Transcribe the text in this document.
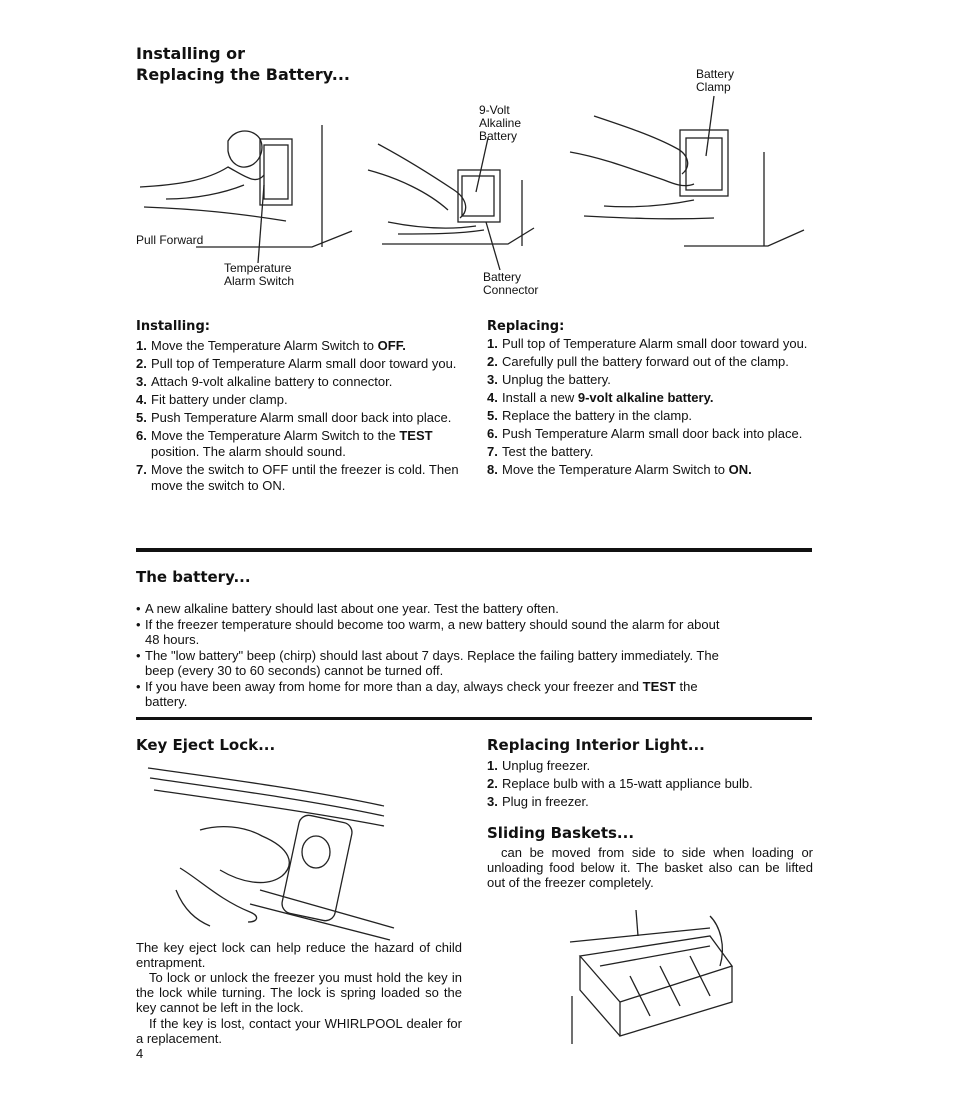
Installing or
Replacing the Battery...
Pull Forward
Temperature
Alarm Switch
9-Volt
Alkaline
Battery
Battery
Connector
Battery
Clamp
Installing:
1. Move the Temperature Alarm Switch to OFF.
2. Pull top of Temperature Alarm small door toward you.
3. Attach 9-volt alkaline battery to connector.
4. Fit battery under clamp.
5. Push Temperature Alarm small door back into place.
6. Move the Temperature Alarm Switch to the TEST position. The alarm should sound.
7. Move the switch to OFF until the freezer is cold. Then move the switch to ON.
Replacing:
1. Pull top of Temperature Alarm small door toward you.
2. Carefully pull the battery forward out of the clamp.
3. Unplug the battery.
4. Install a new 9-volt alkaline battery.
5. Replace the battery in the clamp.
6. Push Temperature Alarm small door back into place.
7. Test the battery.
8. Move the Temperature Alarm Switch to ON.
The battery...
• A new alkaline battery should last about one year. Test the battery often.
• If the freezer temperature should become too warm, a new battery should sound the alarm for about 48 hours.
• The "low battery" beep (chirp) should last about 7 days. Replace the failing battery immediately. The beep (every 30 to 60 seconds) cannot be turned off.
• If you have been away from home for more than a day, always check your freezer and TEST the battery.
Key Eject Lock...
The key eject lock can help reduce the hazard of child entrapment.
To lock or unlock the freezer you must hold the key in the lock while turning. The lock is spring loaded so the key cannot be left in the lock.
If the key is lost, contact your WHIRLPOOL dealer for a replacement.
4
Replacing Interior Light...
1. Unplug freezer.
2. Replace bulb with a 15-watt appliance bulb.
3. Plug in freezer.
Sliding Baskets...
can be moved from side to side when loading or unloading food below it. The basket also can be lifted out of the freezer completely.
